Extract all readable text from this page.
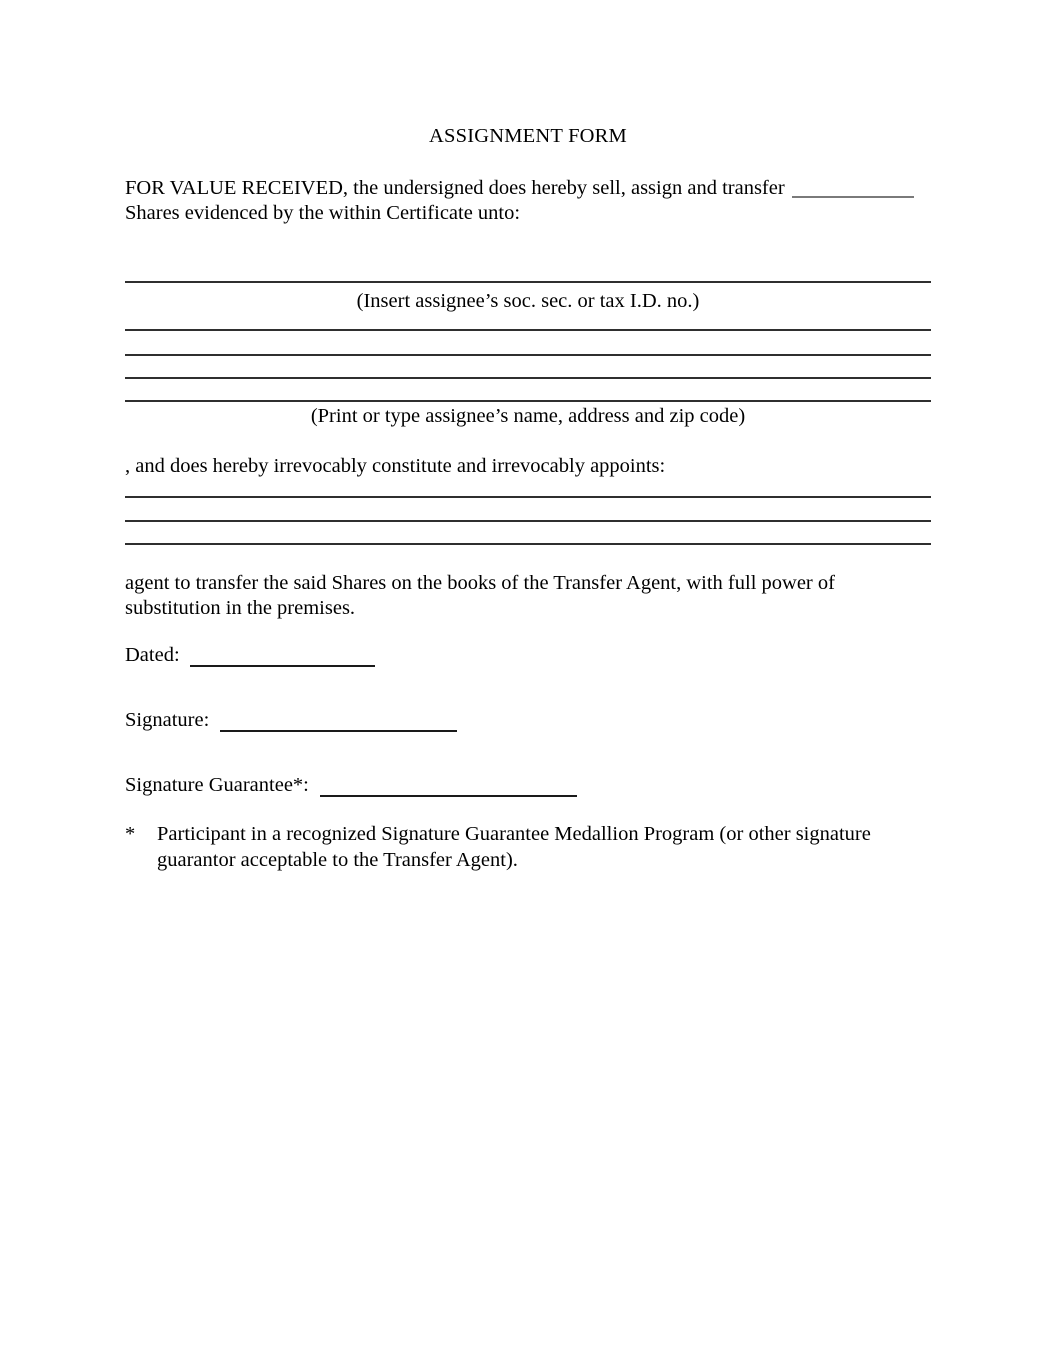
ASSIGNMENT FORM
FOR VALUE RECEIVED, the undersigned does hereby sell, assign and transfer
Shares evidenced by the within Certificate unto:
(Insert assignee’s soc. sec. or tax I.D. no.)
(Print or type assignee’s name, address and zip code)
, and does hereby irrevocably constitute and irrevocably appoints:
agent to transfer the said Shares on the books of the Transfer Agent, with full power of substitution in the premises.
Dated:
Signature:
Signature Guarantee*:
* Participant in a recognized Signature Guarantee Medallion Program (or other signature guarantor acceptable to the Transfer Agent).
